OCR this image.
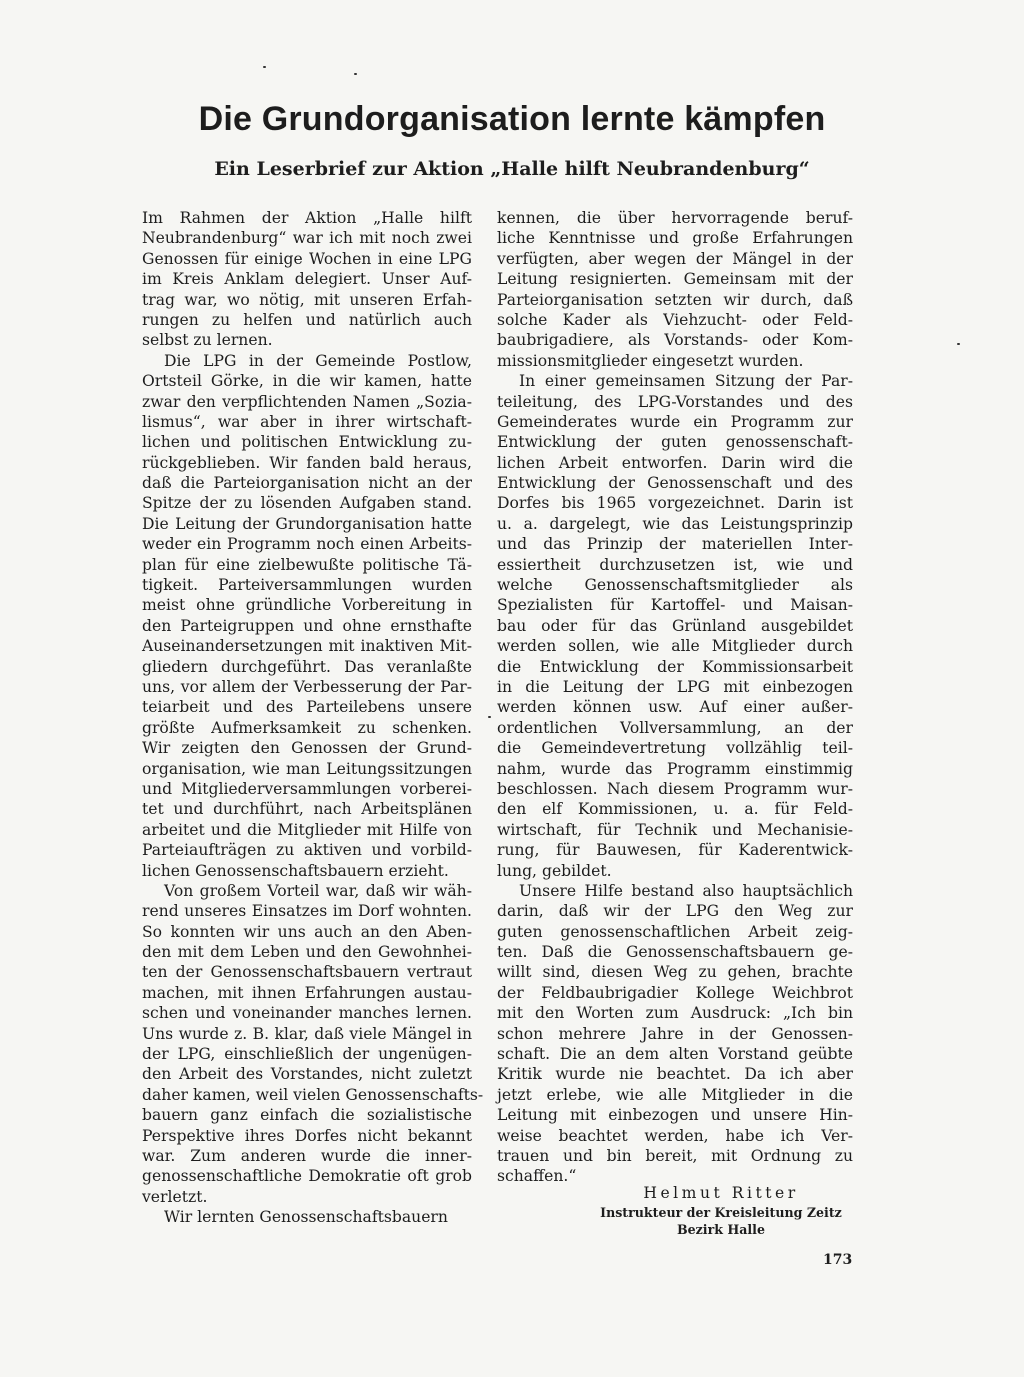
Die Grundorganisation lernte kämpfen
Ein Leserbrief zur Aktion „Halle hilft Neubrandenburg“
Im Rahmen der Aktion „Halle hilft
Neubrandenburg“ war ich mit noch zwei
Genossen für einige Wochen in eine LPG
im Kreis Anklam delegiert. Unser Auf-
trag war, wo nötig, mit unseren Erfah-
rungen zu helfen und natürlich auch
selbst zu lernen.
Die LPG in der Gemeinde Postlow,
Ortsteil Görke, in die wir kamen, hatte
zwar den verpflichtenden Namen „Sozia-
lismus“, war aber in ihrer wirtschaft-
lichen und politischen Entwicklung zu-
rückgeblieben. Wir fanden bald heraus,
daß die Parteiorganisation nicht an der
Spitze der zu lösenden Aufgaben stand.
Die Leitung der Grundorganisation hatte
weder ein Programm noch einen Arbeits-
plan für eine zielbewußte politische Tä-
tigkeit. Parteiversammlungen wurden
meist ohne gründliche Vorbereitung in
den Parteigruppen und ohne ernsthafte
Auseinandersetzungen mit inaktiven Mit-
gliedern durchgeführt. Das veranlaßte
uns, vor allem der Verbesserung der Par-
teiarbeit und des Parteilebens unsere
größte Aufmerksamkeit zu schenken.
Wir zeigten den Genossen der Grund-
organisation, wie man Leitungssitzungen
und Mitgliederversammlungen vorberei-
tet und durchführt, nach Arbeitsplänen
arbeitet und die Mitglieder mit Hilfe von
Parteiaufträgen zu aktiven und vorbild-
lichen Genossenschaftsbauern erzieht.
Von großem Vorteil war, daß wir wäh-
rend unseres Einsatzes im Dorf wohnten.
So konnten wir uns auch an den Aben-
den mit dem Leben und den Gewohnhei-
ten der Genossenschaftsbauern vertraut
machen, mit ihnen Erfahrungen austau-
schen und voneinander manches lernen.
Uns wurde z. B. klar, daß viele Mängel in
der LPG, einschließlich der ungenügen-
den Arbeit des Vorstandes, nicht zuletzt
daher kamen, weil vielen Genossenschafts-
bauern ganz einfach die sozialistische
Perspektive ihres Dorfes nicht bekannt
war. Zum anderen wurde die inner-
genossenschaftliche Demokratie oft grob
verletzt.
Wir lernten Genossenschaftsbauern
kennen, die über hervorragende beruf-
liche Kenntnisse und große Erfahrungen
verfügten, aber wegen der Mängel in der
Leitung resignierten. Gemeinsam mit der
Parteiorganisation setzten wir durch, daß
solche Kader als Viehzucht- oder Feld-
baubrigadiere, als Vorstands- oder Kom-
missionsmitglieder eingesetzt wurden.
In einer gemeinsamen Sitzung der Par-
teileitung, des LPG-Vorstandes und des
Gemeinderates wurde ein Programm zur
Entwicklung der guten genossenschaft-
lichen Arbeit entworfen. Darin wird die
Entwicklung der Genossenschaft und des
Dorfes bis 1965 vorgezeichnet. Darin ist
u. a. dargelegt, wie das Leistungsprinzip
und das Prinzip der materiellen Inter-
essiertheit durchzusetzen ist, wie und
welche Genossenschaftsmitglieder als
Spezialisten für Kartoffel- und Maisan-
bau oder für das Grünland ausgebildet
werden sollen, wie alle Mitglieder durch
die Entwicklung der Kommissionsarbeit
in die Leitung der LPG mit einbezogen
werden können usw. Auf einer außer-
ordentlichen Vollversammlung, an der
die Gemeindevertretung vollzählig teil-
nahm, wurde das Programm einstimmig
beschlossen. Nach diesem Programm wur-
den elf Kommissionen, u. a. für Feld-
wirtschaft, für Technik und Mechanisie-
rung, für Bauwesen, für Kaderentwick-
lung, gebildet.
Unsere Hilfe bestand also hauptsächlich
darin, daß wir der LPG den Weg zur
guten genossenschaftlichen Arbeit zeig-
ten. Daß die Genossenschaftsbauern ge-
willt sind, diesen Weg zu gehen, brachte
der Feldbaubrigadier Kollege Weichbrot
mit den Worten zum Ausdruck: „Ich bin
schon mehrere Jahre in der Genossen-
schaft. Die an dem alten Vorstand geübte
Kritik wurde nie beachtet. Da ich aber
jetzt erlebe, wie alle Mitglieder in die
Leitung mit einbezogen und unsere Hin-
weise beachtet werden, habe ich Ver-
trauen und bin bereit, mit Ordnung zu
schaffen.“
Helmut Ritter
Instrukteur der Kreisleitung Zeitz
Bezirk Halle
173
